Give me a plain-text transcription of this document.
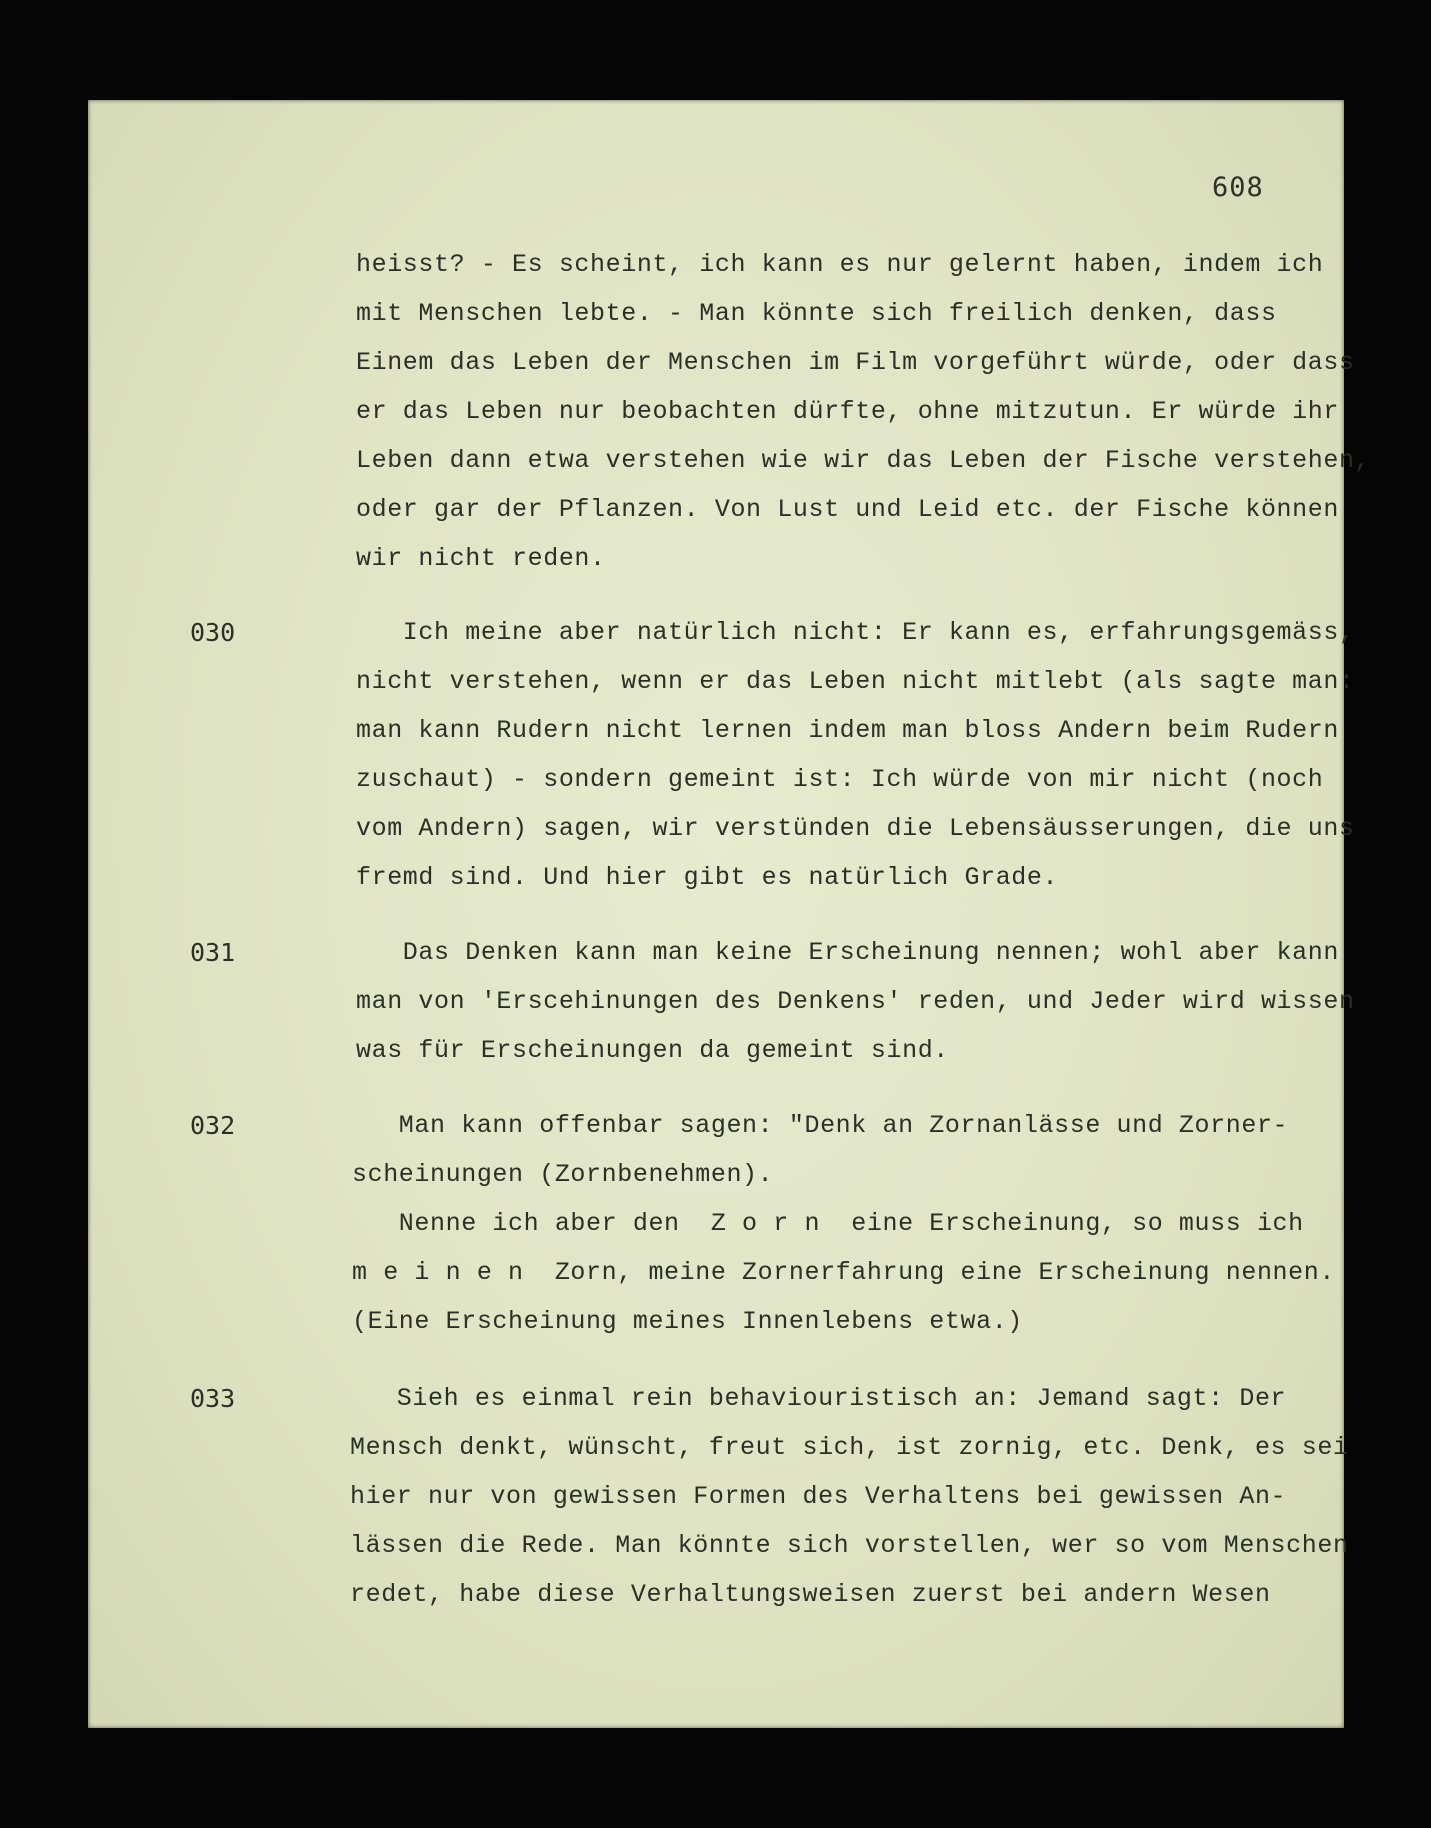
608
heisst? - Es scheint, ich kann es nur gelernt haben, indem ich
mit Menschen lebte. - Man könnte sich freilich denken, dass
Einem das Leben der Menschen im Film vorgeführt würde, oder dass
er das Leben nur beobachten dürfte, ohne mitzutun. Er würde ihr
Leben dann etwa verstehen wie wir das Leben der Fische verstehen,
oder gar der Pflanzen. Von Lust und Leid etc. der Fische können
wir nicht reden.
030	Ich meine aber natürlich nicht: Er kann es, erfahrungsgemäss,
nicht verstehen, wenn er das Leben nicht mitlebt (als sagte man:
man kann Rudern nicht lernen indem man bloss Andern beim Rudern
zuschaut) - sondern gemeint ist: Ich würde von mir nicht (noch
vom Andern) sagen, wir verstünden die Lebensäusserungen, die uns
fremd sind. Und hier gibt es natürlich Grade.
031	Das Denken kann man keine Erscheinung nennen; wohl aber kann
man von 'Erscehinungen des Denkens' reden, und Jeder wird wissen
was für Erscheinungen da gemeint sind.
032	Man kann offenbar sagen: "Denk an Zornanlässe und Zorner-
scheinungen (Zornbenehmen).
Nenne ich aber den  Z o r n  eine Erscheinung, so muss ich
m e i n e n  Zorn, meine Zornerfahrung eine Erscheinung nennen.
(Eine Erscheinung meines Innenlebens etwa.)
033	Sieh es einmal rein behaviouristisch an: Jemand sagt: Der
Mensch denkt, wünscht, freut sich, ist zornig, etc. Denk, es sei
hier nur von gewissen Formen des Verhaltens bei gewissen An-
lässen die Rede. Man könnte sich vorstellen, wer so vom Menschen
redet, habe diese Verhaltungsweisen zuerst bei andern Wesen
